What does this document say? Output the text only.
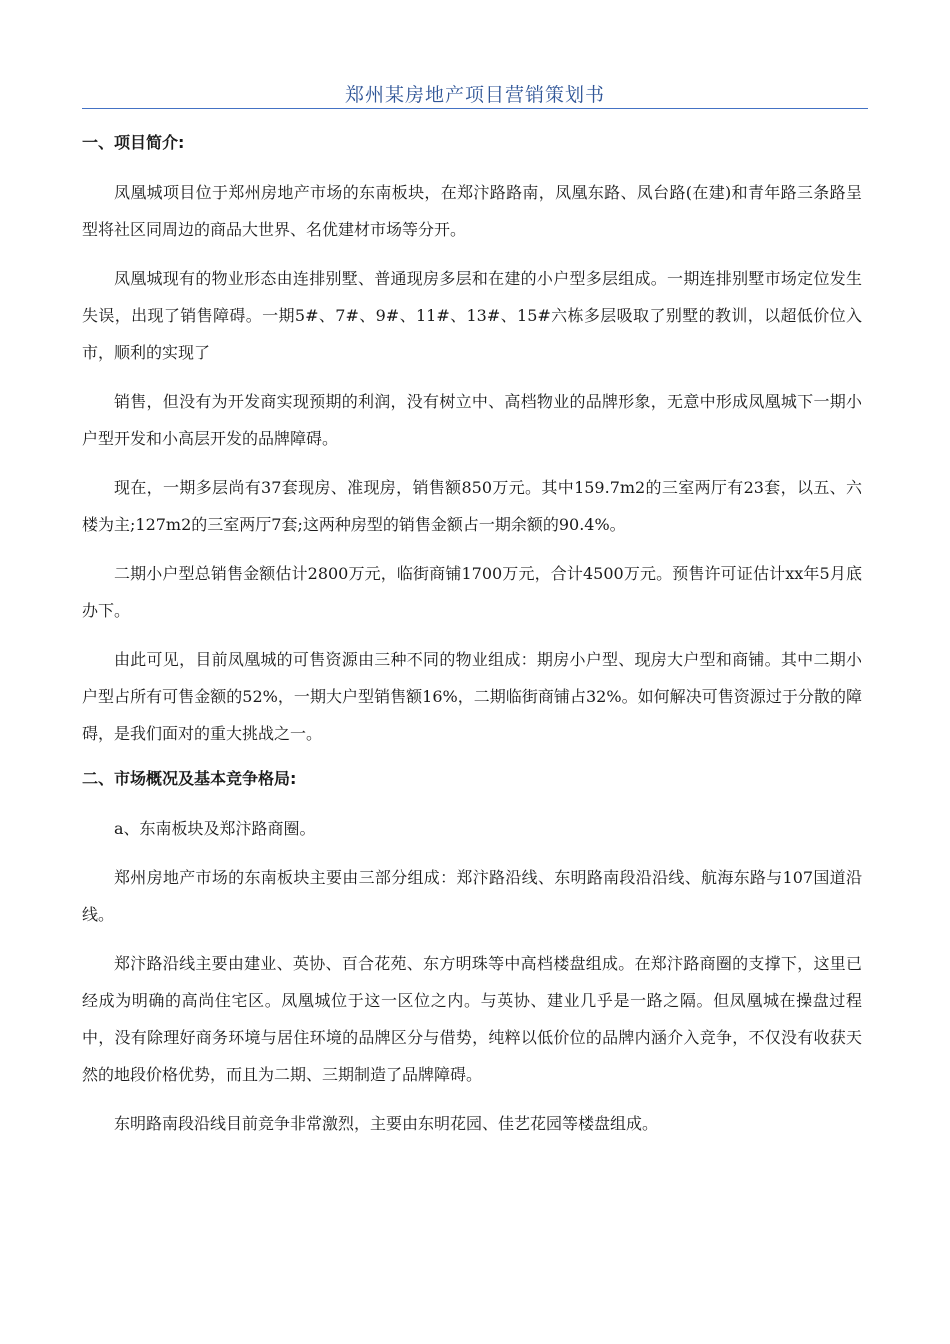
郑州某房地产项目营销策划书
一、项目简介:

凤凰城项目位于郑州房地产市场的东南板块，在郑汴路路南，凤凰东路、凤台路(在建)和青年路三条路呈型将社区同周边的商品大世界、名优建材市场等分开。

凤凰城现有的物业形态由连排别墅、普通现房多层和在建的小户型多层组成。一期连排别墅市场定位发生失误，出现了销售障碍。一期5#、7#、9#、11#、13#、15#六栋多层吸取了别墅的教训，以超低价位入市，顺利的实现了

销售，但没有为开发商实现预期的利润，没有树立中、高档物业的品牌形象，无意中形成凤凰城下一期小户型开发和小高层开发的品牌障碍。

现在，一期多层尚有37套现房、准现房，销售额850万元。其中159.7m2的三室两厅有23套，以五、六楼为主;127m2的三室两厅7套;这两种房型的销售金额占一期余额的90.4%。

二期小户型总销售金额估计2800万元，临街商铺1700万元，合计4500万元。预售许可证估计xx年5月底办下。

由此可见，目前凤凰城的可售资源由三种不同的物业组成：期房小户型、现房大户型和商铺。其中二期小户型占所有可售金额的52%，一期大户型销售额16%，二期临街商铺占32%。如何解决可售资源过于分散的障碍，是我们面对的重大挑战之一。

二、市场概况及基本竞争格局:

a、东南板块及郑汴路商圈。

郑州房地产市场的东南板块主要由三部分组成：郑汴路沿线、东明路南段沿沿线、航海东路与107国道沿线。

郑汴路沿线主要由建业、英协、百合花苑、东方明珠等中高档楼盘组成。在郑汴路商圈的支撑下，这里已经成为明确的高尚住宅区。凤凰城位于这一区位之内。与英协、建业几乎是一路之隔。但凤凰城在操盘过程中，没有除理好商务环境与居住环境的品牌区分与借势，纯粹以低价位的品牌内涵介入竞争，不仅没有收获天然的地段价格优势，而且为二期、三期制造了品牌障碍。

东明路南段沿线目前竞争非常激烈，主要由东明花园、佳艺花园等楼盘组成。
